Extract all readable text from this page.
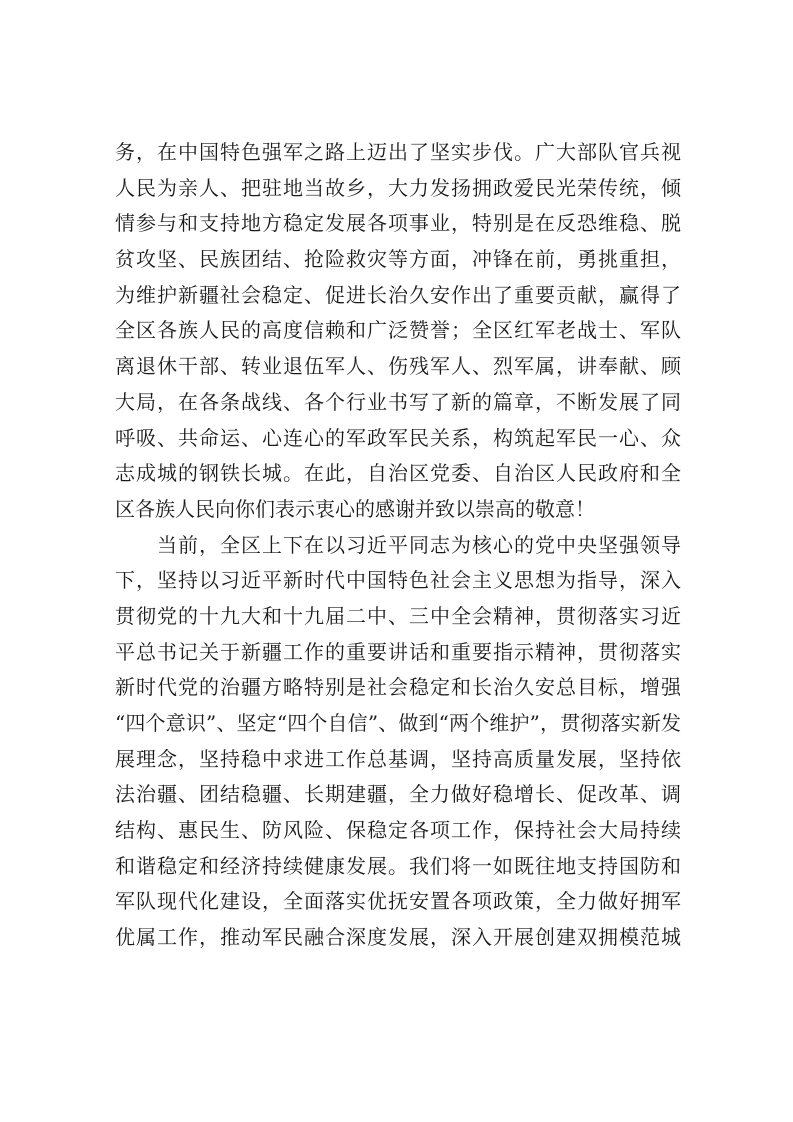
务，在中国特色强军之路上迈出了坚实步伐。广大部队官兵视
人民为亲人、把驻地当故乡，大力发扬拥政爱民光荣传统，倾
情参与和支持地方稳定发展各项事业，特别是在反恐维稳、脱
贫攻坚、民族团结、抢险救灾等方面，冲锋在前，勇挑重担，
为维护新疆社会稳定、促进长治久安作出了重要贡献，赢得了
全区各族人民的高度信赖和广泛赞誉；全区红军老战士、军队
离退休干部、转业退伍军人、伤残军人、烈军属，讲奉献、顾
大局，在各条战线、各个行业书写了新的篇章，不断发展了同
呼吸、共命运、心连心的军政军民关系，构筑起军民一心、众
志成城的钢铁长城。在此，自治区党委、自治区人民政府和全
区各族人民向你们表示衷心的感谢并致以崇高的敬意！
　　当前，全区上下在以习近平同志为核心的党中央坚强领导
下，坚持以习近平新时代中国特色社会主义思想为指导，深入
贯彻党的十九大和十九届二中、三中全会精神，贯彻落实习近
平总书记关于新疆工作的重要讲话和重要指示精神，贯彻落实
新时代党的治疆方略特别是社会稳定和长治久安总目标，增强
“四个意识”、坚定“四个自信”、做到“两个维护”，贯彻落实新发
展理念，坚持稳中求进工作总基调，坚持高质量发展，坚持依
法治疆、团结稳疆、长期建疆，全力做好稳增长、促改革、调
结构、惠民生、防风险、保稳定各项工作，保持社会大局持续
和谐稳定和经济持续健康发展。我们将一如既往地支持国防和
军队现代化建设，全面落实优抚安置各项政策，全力做好拥军
优属工作，推动军民融合深度发展，深入开展创建双拥模范城
